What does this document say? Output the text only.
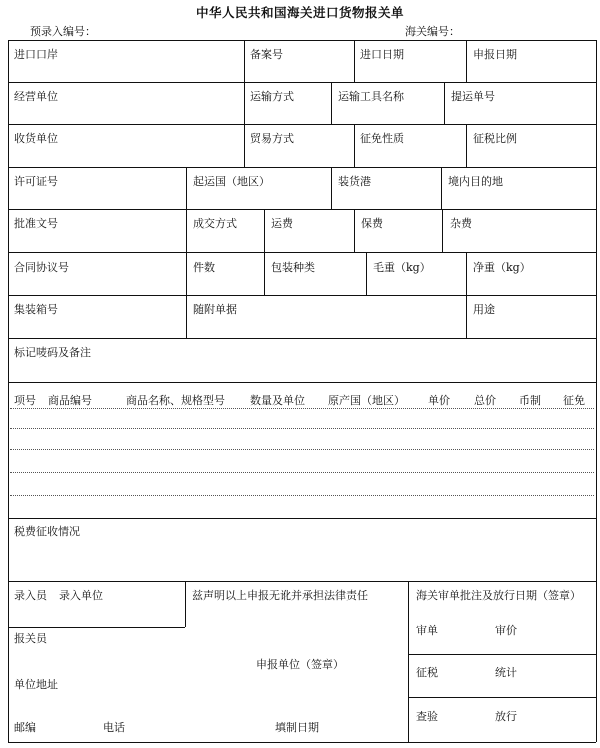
中华人民共和国海关进口货物报关单
预录入编号：	海关编号：
进口口岸	备案号	进口日期	申报日期
经营单位	运输方式	运输工具名称	提运单号
收货单位	贸易方式	征免性质	征税比例
许可证号	起运国（地区）	装货港	境内目的地
批准文号	成交方式	运费	保费	杂费
合同协议号	件数	包装种类	毛重（kg）	净重（kg）
集装箱号	随附单据	用途
标记唛码及备注
项号 商品编号	商品名称、规格型号 数量及单位 原产国（地区） 单价 总价 币制 征免
税费征收情况
录入员 录入单位	兹声明以上申报无讹并承担法律责任	海关审单批注及放行日期（签章）
报关员
审单	审价
申报单位（签章）
征税	统计
单位地址
邮编	电话	填制日期
查验	放行
